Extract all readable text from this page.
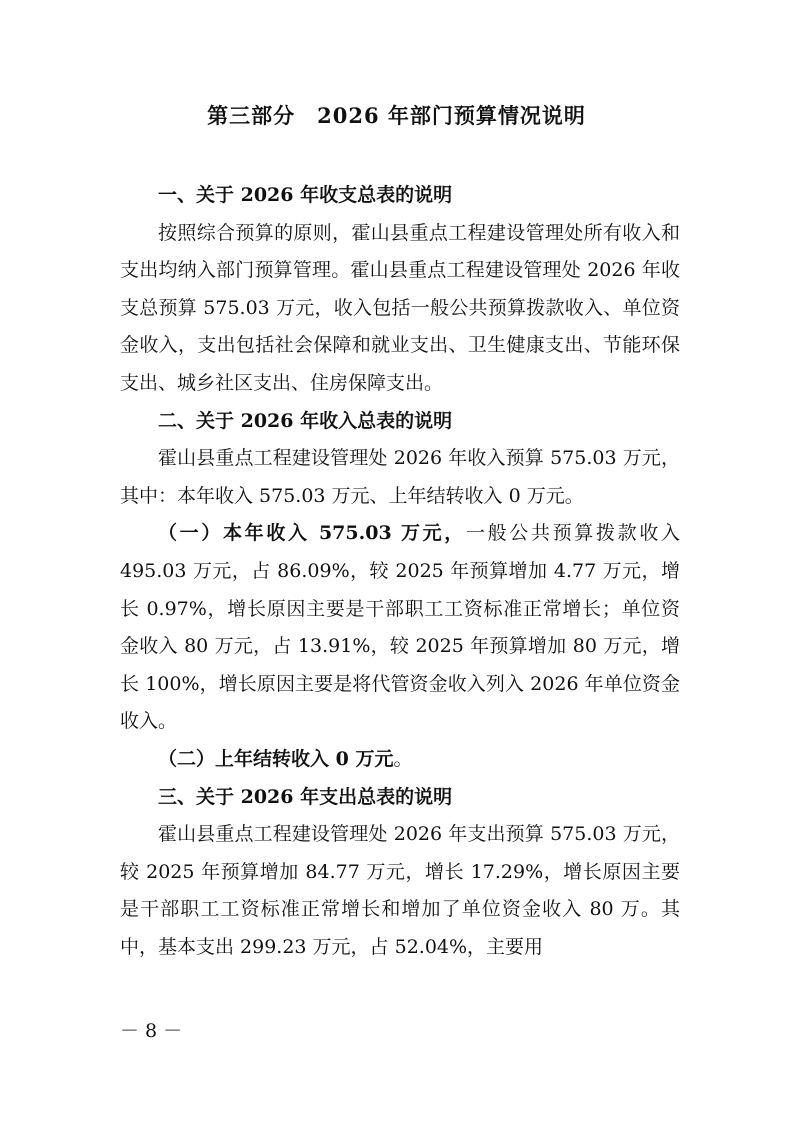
第三部分　2026 年部门预算情况说明

一、关于 2026 年收支总表的说明

按照综合预算的原则，霍山县重点工程建设管理处所有收入和支出均纳入部门预算管理。霍山县重点工程建设管理处 2026 年收支总预算 575.03 万元，收入包括一般公共预算拨款收入、单位资金收入，支出包括社会保障和就业支出、卫生健康支出、节能环保支出、城乡社区支出、住房保障支出。

二、关于 2026 年收入总表的说明

霍山县重点工程建设管理处 2026 年收入预算 575.03 万元，其中：本年收入 575.03 万元、上年结转收入 0 万元。

（一）本年收入 575.03 万元，一般公共预算拨款收入 495.03 万元，占 86.09%，较 2025 年预算增加 4.77 万元，增长 0.97%，增长原因主要是干部职工工资标准正常增长；单位资金收入 80 万元，占 13.91%，较 2025 年预算增加 80 万元，增长 100%，增长原因主要是将代管资金收入列入 2026 年单位资金收入。

（二）上年结转收入 0 万元。

三、关于 2026 年支出总表的说明

霍山县重点工程建设管理处 2026 年支出预算 575.03 万元，较 2025 年预算增加 84.77 万元，增长 17.29%，增长原因主要是干部职工工资标准正常增长和增加了单位资金收入 80 万。其中，基本支出 299.23 万元，占 52.04%，主要用

－ 8 －
